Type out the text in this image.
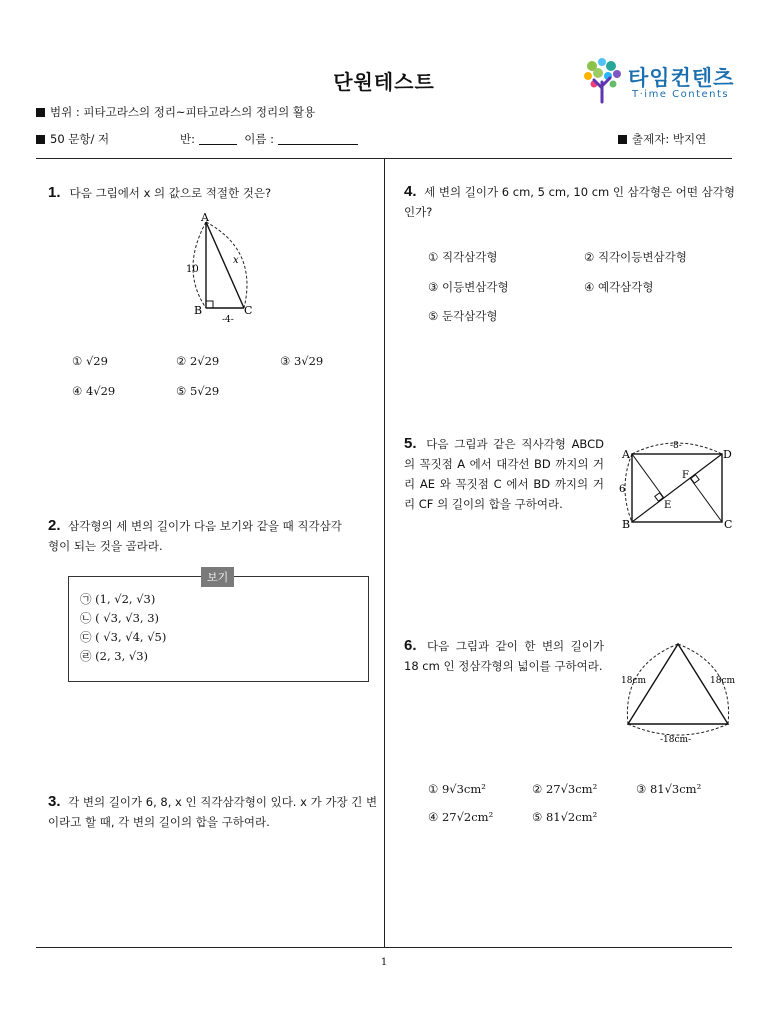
타임컨텐츠
T·ime Contents
단원테스트
범위 : 피타고라스의 정리~피타고라스의 정리의 활용
50 문항/ 저	반:	이름 :	출제자: 박지연
1
1. 다음 그림에서 x 의 값으로 적절한 것은?
A
B	C
10
x
-4-
① √29	② 2√29	③ 3√29
④ 4√29	⑤ 5√29
2. 삼각형의 세 변의 길이가 다음 보기와 같을 때 직각삼각형이 되는 것을 골라라.
보기
㉠ (1, √2, √3)
㉡ ( √3, √3, 3)
㉢ ( √3, √4, √5)
㉣ (2, 3, √3)
3. 각 변의 길이가 6, 8, x 인 직각삼각형이 있다. x 가 가장 긴 변이라고 할 때, 각 변의 길이의 합을 구하여라.
4. 세 변의 길이가 6 cm, 5 cm, 10 cm 인 삼각형은 어떤 삼각형인가?
① 직각삼각형	② 직각이등변삼각형
③ 이등변삼각형	④ 예각삼각형
⑤ 둔각삼각형
5. 다음 그림과 같은 직사각형 ABCD 의 꼭짓점 A 에서 대각선 BD 까지의 거리 AE 와 꼭짓점 C 에서 BD 까지의 거리 CF 의 길이의 합을 구하여라.
A
B	C
D
E
F
-8-
6
6. 다음 그림과 같이 한 변의 길이가 18 cm 인 정삼각형의 넓이를 구하여라.
18cm	18cm
-18cm-
① 9√3cm²	② 27√3cm²	③ 81√3cm²
④ 27√2cm²	⑤ 81√2cm²
